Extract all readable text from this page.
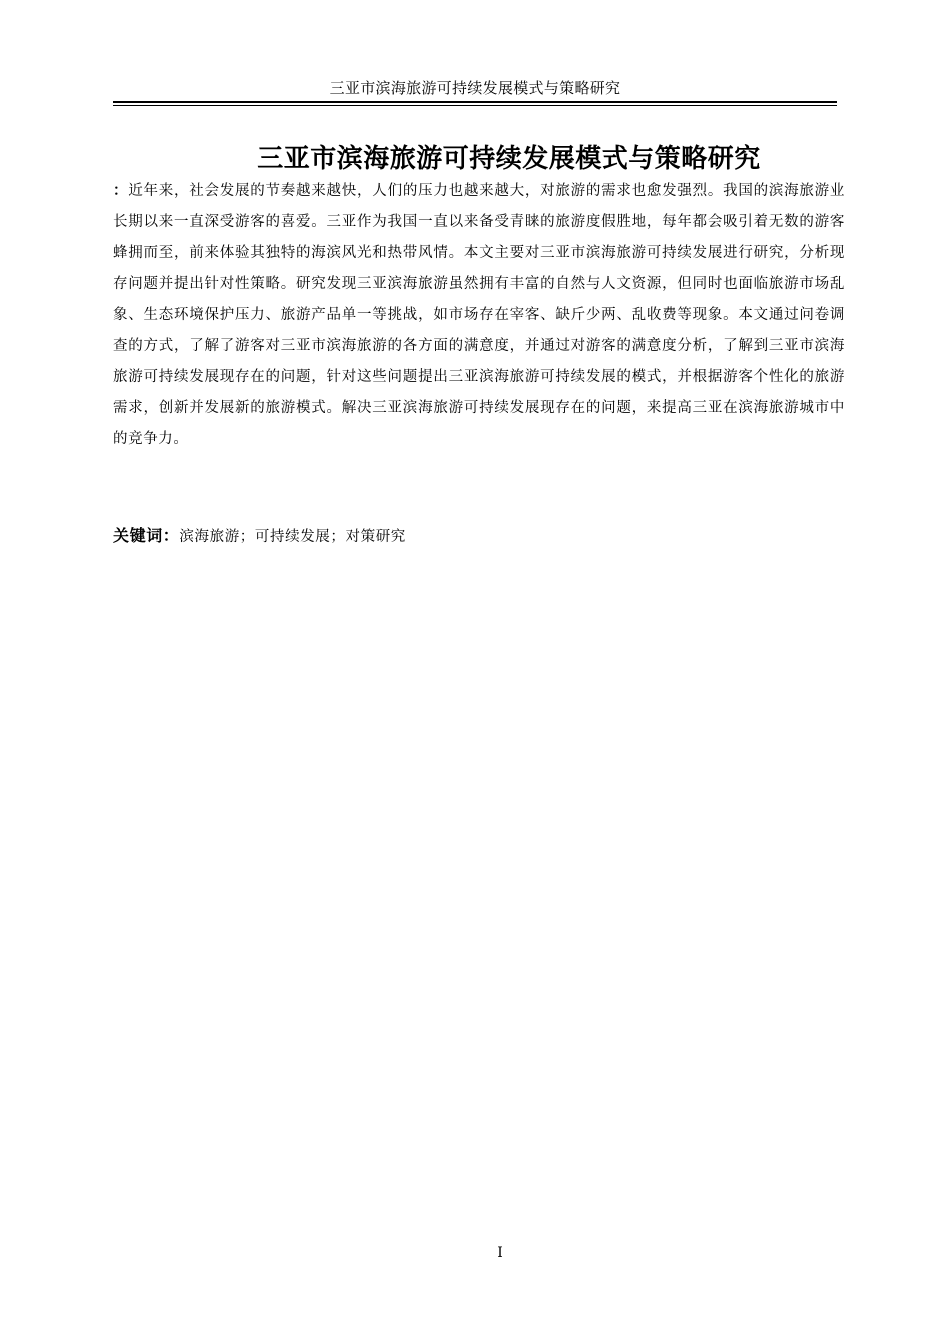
三亚市滨海旅游可持续发展模式与策略研究
三亚市滨海旅游可持续发展模式与策略研究

：近年来，社会发展的节奏越来越快，人们的压力也越来越大，对旅游的需求也愈发强烈。我国的滨海旅游业长期以来一直深受游客的喜爱。三亚作为我国一直以来备受青睐的旅游度假胜地，每年都会吸引着无数的游客蜂拥而至，前来体验其独特的海滨风光和热带风情。本文主要对三亚市滨海旅游可持续发展进行研究，分析现存问题并提出针对性策略。研究发现三亚滨海旅游虽然拥有丰富的自然与人文资源，但同时也面临旅游市场乱象、生态环境保护压力、旅游产品单一等挑战，如市场存在宰客、缺斤少两、乱收费等现象。本文通过问卷调查的方式，了解了游客对三亚市滨海旅游的各方面的满意度，并通过对游客的满意度分析，了解到三亚市滨海旅游可持续发展现存在的问题，针对这些问题提出三亚滨海旅游可持续发展的模式，并根据游客个性化的旅游需求，创新并发展新的旅游模式。解决三亚滨海旅游可持续发展现存在的问题，来提高三亚在滨海旅游城市中的竞争力。

关键词：滨海旅游；可持续发展；对策研究
I
